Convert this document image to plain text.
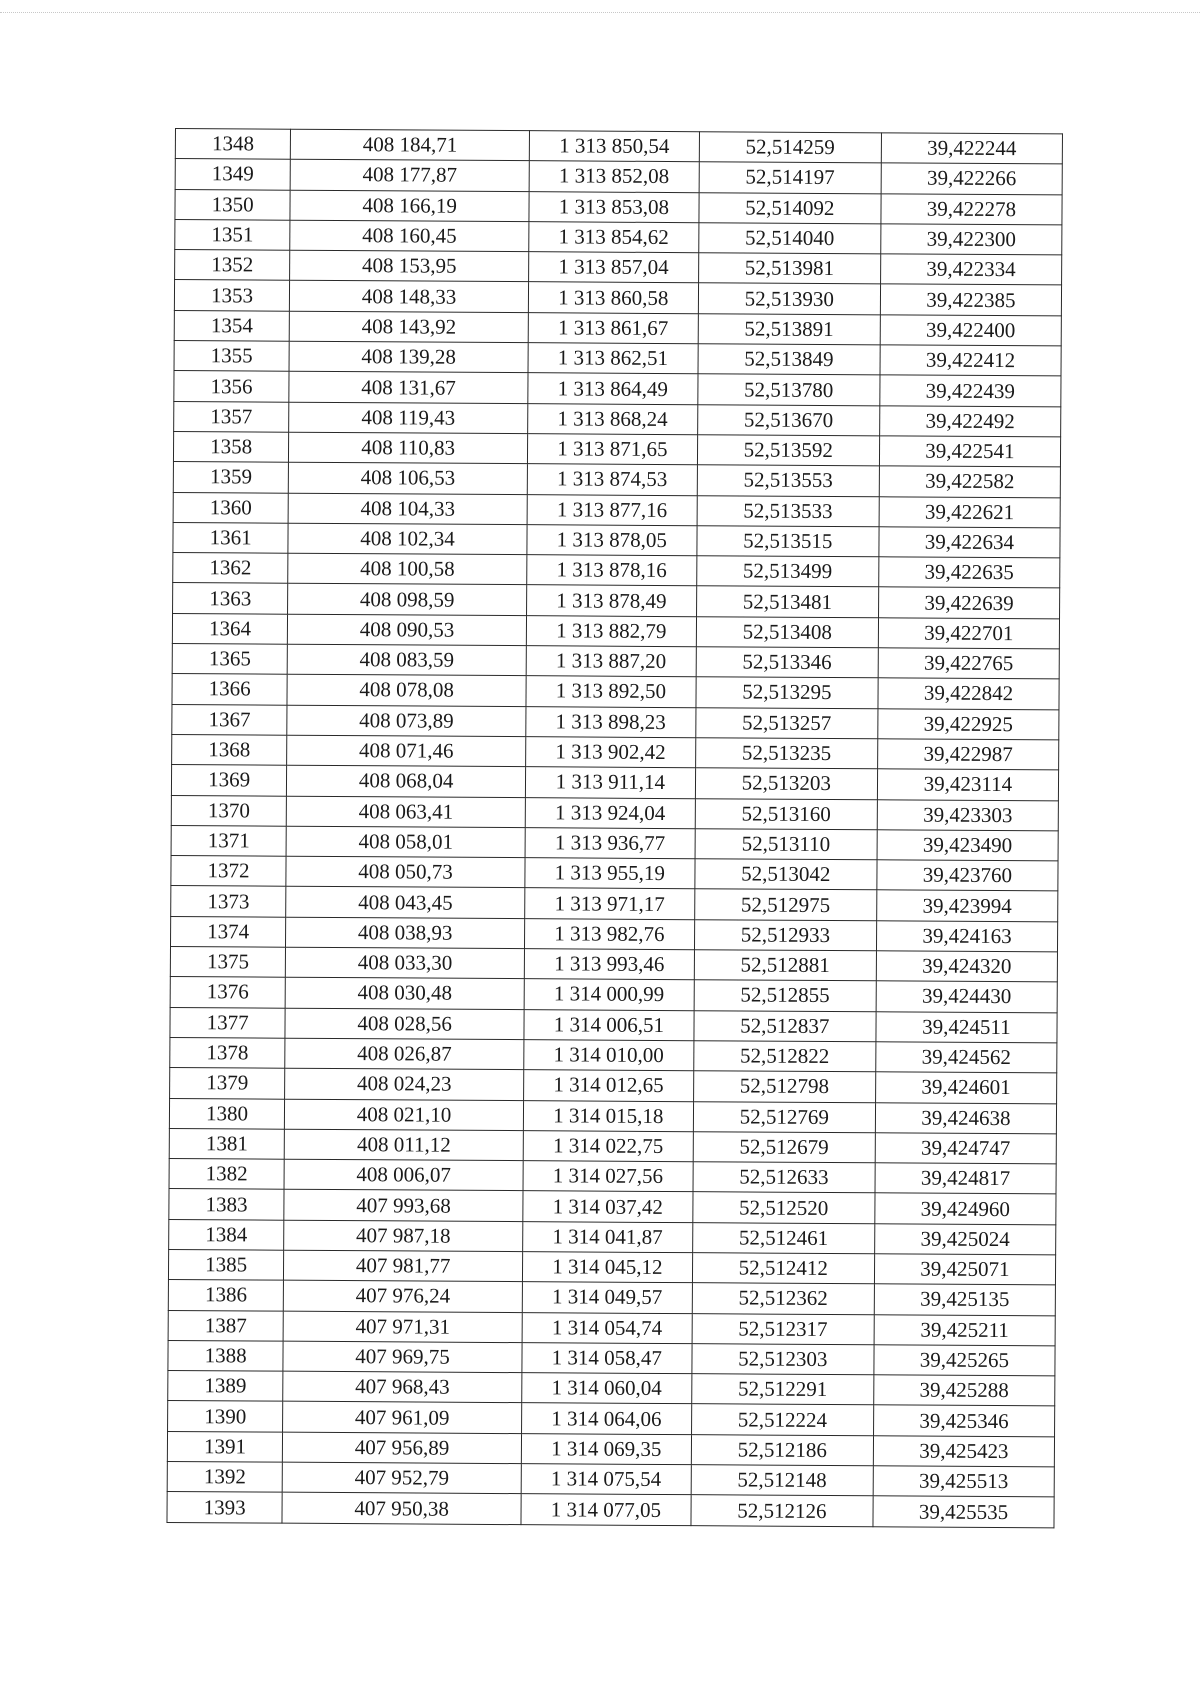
1348	408 184,71	1 313 850,54	52,514259	39,422244
1349	408 177,87	1 313 852,08	52,514197	39,422266
1350	408 166,19	1 313 853,08	52,514092	39,422278
1351	408 160,45	1 313 854,62	52,514040	39,422300
1352	408 153,95	1 313 857,04	52,513981	39,422334
1353	408 148,33	1 313 860,58	52,513930	39,422385
1354	408 143,92	1 313 861,67	52,513891	39,422400
1355	408 139,28	1 313 862,51	52,513849	39,422412
1356	408 131,67	1 313 864,49	52,513780	39,422439
1357	408 119,43	1 313 868,24	52,513670	39,422492
1358	408 110,83	1 313 871,65	52,513592	39,422541
1359	408 106,53	1 313 874,53	52,513553	39,422582
1360	408 104,33	1 313 877,16	52,513533	39,422621
1361	408 102,34	1 313 878,05	52,513515	39,422634
1362	408 100,58	1 313 878,16	52,513499	39,422635
1363	408 098,59	1 313 878,49	52,513481	39,422639
1364	408 090,53	1 313 882,79	52,513408	39,422701
1365	408 083,59	1 313 887,20	52,513346	39,422765
1366	408 078,08	1 313 892,50	52,513295	39,422842
1367	408 073,89	1 313 898,23	52,513257	39,422925
1368	408 071,46	1 313 902,42	52,513235	39,422987
1369	408 068,04	1 313 911,14	52,513203	39,423114
1370	408 063,41	1 313 924,04	52,513160	39,423303
1371	408 058,01	1 313 936,77	52,513110	39,423490
1372	408 050,73	1 313 955,19	52,513042	39,423760
1373	408 043,45	1 313 971,17	52,512975	39,423994
1374	408 038,93	1 313 982,76	52,512933	39,424163
1375	408 033,30	1 313 993,46	52,512881	39,424320
1376	408 030,48	1 314 000,99	52,512855	39,424430
1377	408 028,56	1 314 006,51	52,512837	39,424511
1378	408 026,87	1 314 010,00	52,512822	39,424562
1379	408 024,23	1 314 012,65	52,512798	39,424601
1380	408 021,10	1 314 015,18	52,512769	39,424638
1381	408 011,12	1 314 022,75	52,512679	39,424747
1382	408 006,07	1 314 027,56	52,512633	39,424817
1383	407 993,68	1 314 037,42	52,512520	39,424960
1384	407 987,18	1 314 041,87	52,512461	39,425024
1385	407 981,77	1 314 045,12	52,512412	39,425071
1386	407 976,24	1 314 049,57	52,512362	39,425135
1387	407 971,31	1 314 054,74	52,512317	39,425211
1388	407 969,75	1 314 058,47	52,512303	39,425265
1389	407 968,43	1 314 060,04	52,512291	39,425288
1390	407 961,09	1 314 064,06	52,512224	39,425346
1391	407 956,89	1 314 069,35	52,512186	39,425423
1392	407 952,79	1 314 075,54	52,512148	39,425513
1393	407 950,38	1 314 077,05	52,512126	39,425535
